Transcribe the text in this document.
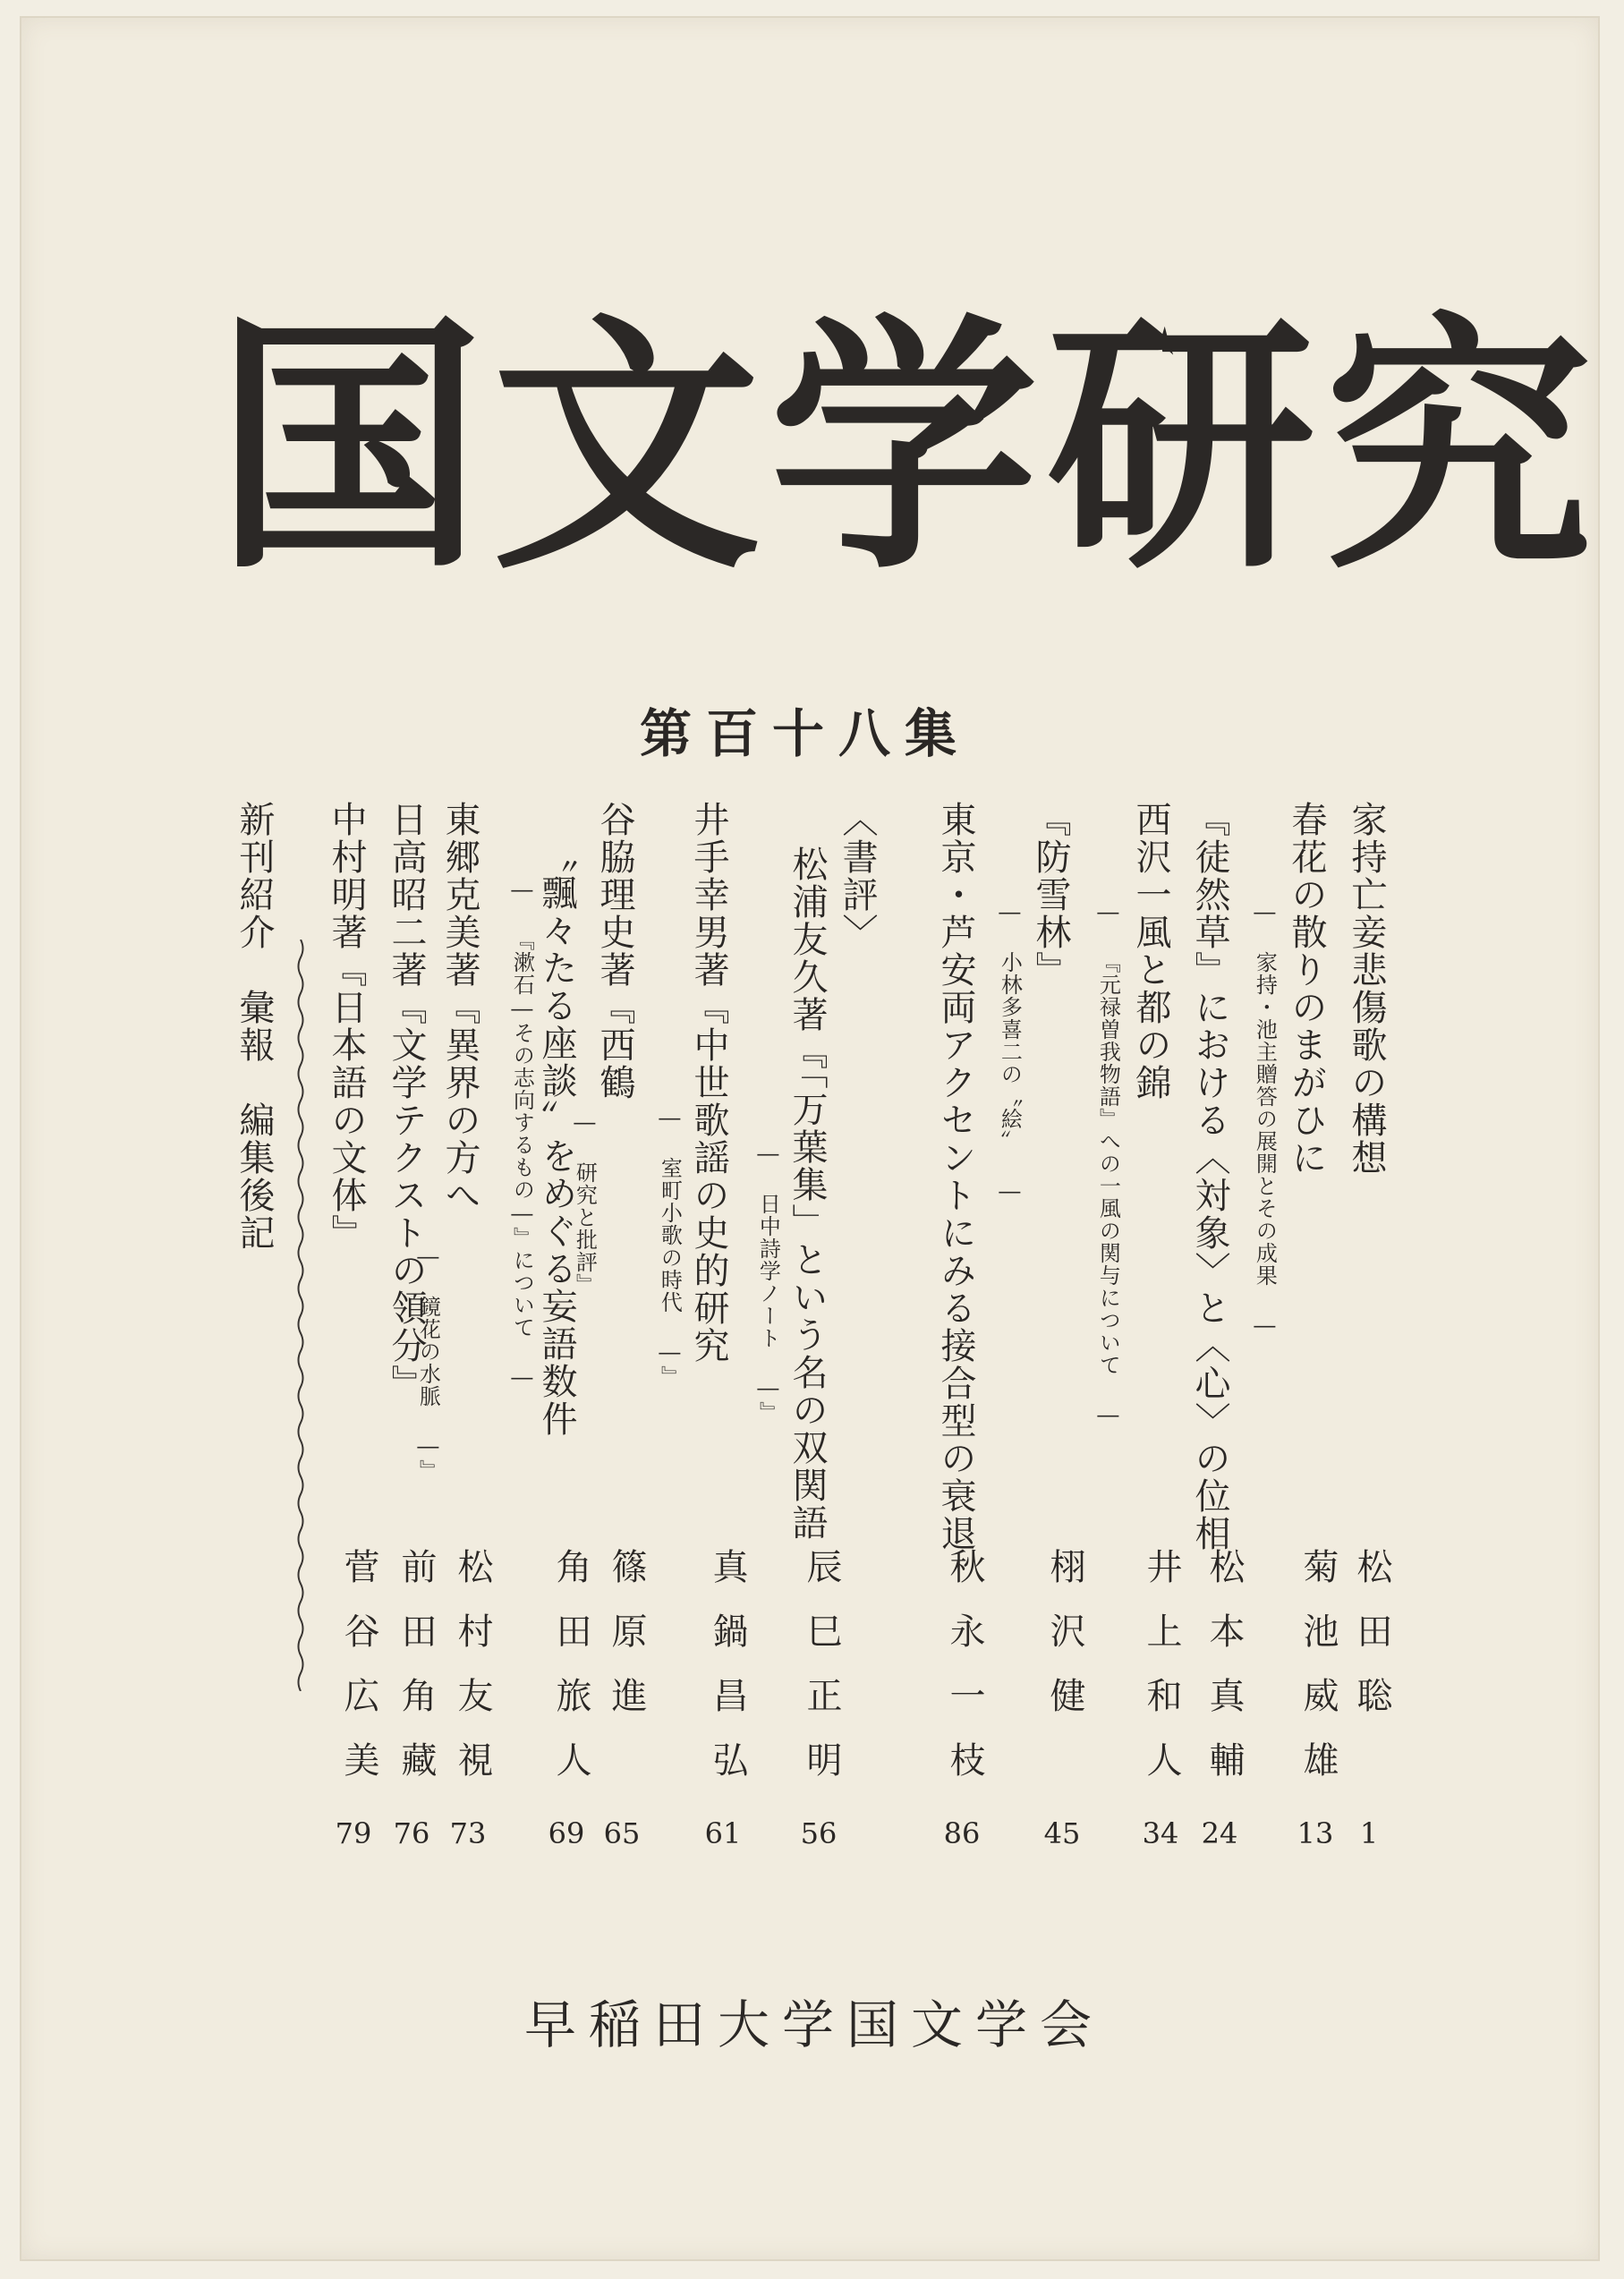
国文学研究
第百十八集
家持亡妾悲傷歌の構想
春花の散りのまがひに
― 家持・池主贈答の展開とその成果 ―
『徒然草』における〈対象〉と〈心〉の位相
西沢一風と都の錦
― 『元禄曽我物語』への一風の関与について ―
『防雪林』
― 小林多喜二の〝絵〟 ―
東京・芦安両アクセントにみる接合型の衰退
〈書評〉
松浦友久著『「万葉集」という名の双関語
― 日中詩学ノート ―』
井手幸男著『中世歌謡の史的研究
― 室町小歌の時代 ―』
谷脇理史著『西鶴
― 研究と批評』
〝飄々たる座談〟をめぐる妄語数件
― 『漱石―その志向するもの―』について ―
東郷克美著『異界の方へ
― 鏡花の水脈 ―』
日高昭二著『文学テクストの領分』
中村明著『日本語の文体』
新刊紹介　彙報　編集後記
松田聡
菊池威雄
松本真輔
井上和人
栩沢健
秋永一枝
辰巳正明
真鍋昌弘
篠原進
角田旅人
松村友視
前田角藏
菅谷広美
1
13
24
34
45
86
56
61
65
69
73
76
79
早稲田大学国文学会
